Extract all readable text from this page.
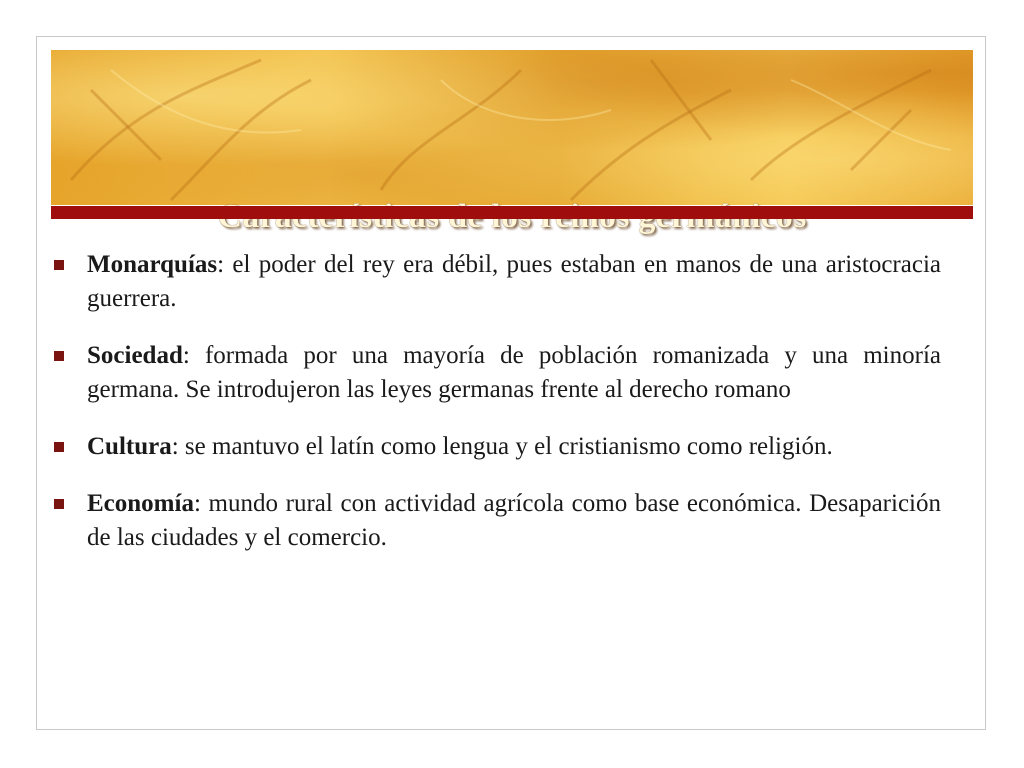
Monarquías: el poder del rey era débil, pues estaban en manos de una aristocracia guerrera.
Sociedad: formada por una mayoría de población romanizada y una minoría germana. Se introdujeron las leyes germanas frente al derecho romano
Cultura: se mantuvo el latín como lengua y el cristianismo como religión.
Economía: mundo rural con actividad agrícola como base económica. Desaparición de las ciudades y el comercio.
